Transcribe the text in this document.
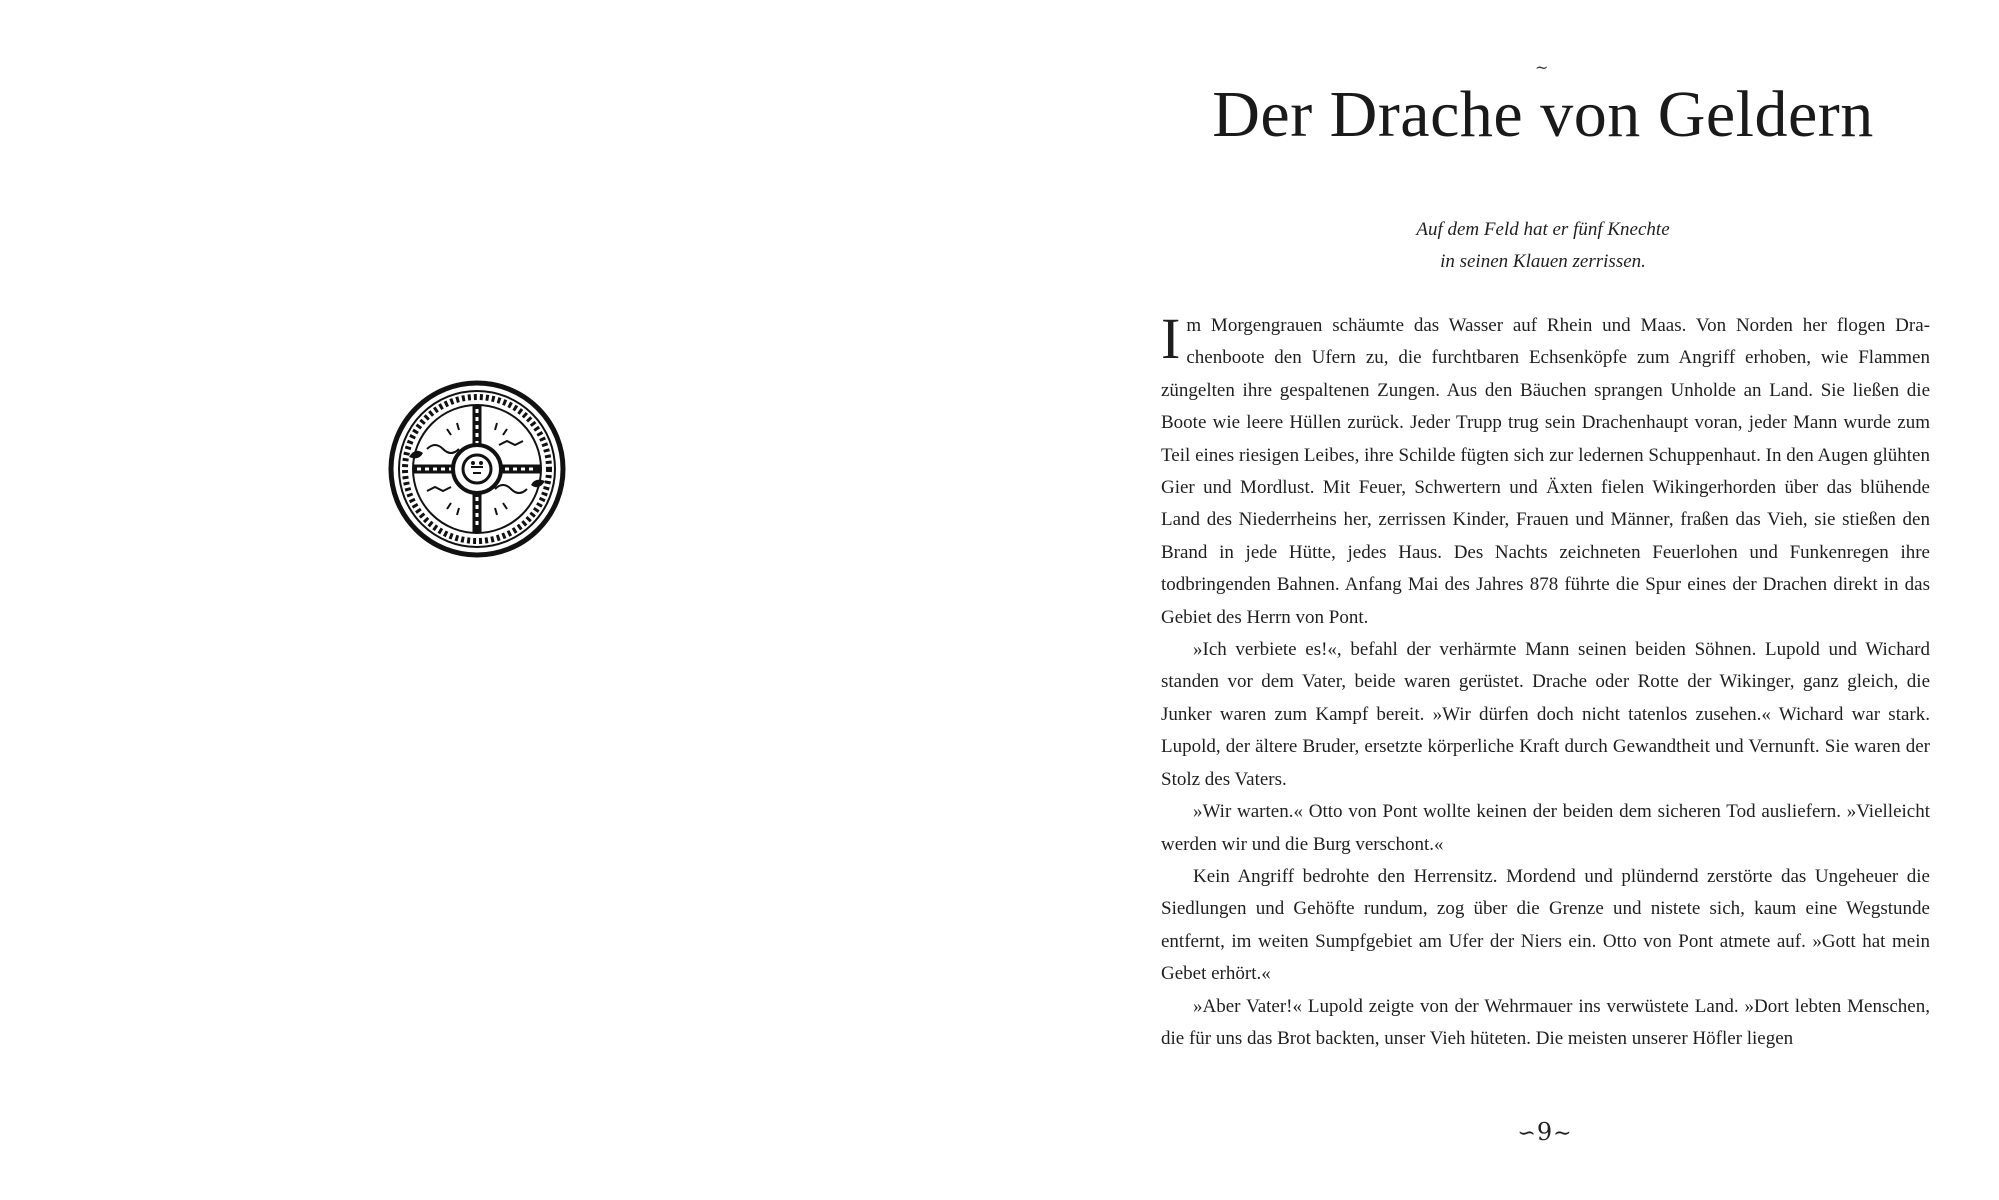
~
Der Drache von Geldern
Auf dem Feld hat er fünf Knechte
in seinen Klauen zerrissen.

Im Morgengrauen schäumte das Wasser auf Rhein und Maas. Von Norden her flogen Drachenboote den Ufern zu, die furchtbaren Echsenköpfe zum Angriff erhoben, wie Flammen züngelten ihre gespaltenen Zungen. Aus den Bäuchen sprangen Unholde an Land. Sie ließen die Boote wie leere Hüllen zurück. Jeder Trupp trug sein Drachenhaupt voran, jeder Mann wurde zum Teil eines riesigen Leibes, ihre Schilde fügten sich zur ledernen Schuppenhaut. In den Augen glühten Gier und Mordlust. Mit Feuer, Schwertern und Äxten fielen Wikingerhorden über das blühende Land des Niederrheins her, zerrissen Kinder, Frauen und Männer, fraßen das Vieh, sie stießen den Brand in jede Hütte, jedes Haus. Des Nachts zeichneten Feuerlohen und Funkenregen ihre todbringenden Bahnen. Anfang Mai des Jahres 878 führte die Spur eines der Drachen direkt in das Gebiet des Herrn von Pont.

»Ich verbiete es!«, befahl der verhärmte Mann seinen beiden Söhnen. Lupold und Wichard standen vor dem Vater, beide waren gerüstet. Drache oder Rotte der Wikinger, ganz gleich, die Junker waren zum Kampf bereit. »Wir dürfen doch nicht tatenlos zusehen.« Wichard war stark. Lupold, der ältere Bruder, ersetzte körperliche Kraft durch Gewandtheit und Vernunft. Sie waren der Stolz des Vaters.

»Wir warten.« Otto von Pont wollte keinen der beiden dem sicheren Tod ausliefern. »Vielleicht werden wir und die Burg verschont.«

Kein Angriff bedrohte den Herrensitz. Mordend und plündernd zerstörte das Ungeheuer die Siedlungen und Gehöfte rundum, zog über die Grenze und nistete sich, kaum eine Wegstunde entfernt, im weiten Sumpfgebiet am Ufer der Niers ein. Otto von Pont atmete auf. »Gott hat mein Gebet erhört.«

»Aber Vater!« Lupold zeigte von der Wehrmauer ins verwüstete Land. »Dort lebten Menschen, die für uns das Brot backten, unser Vieh hüteten. Die meisten unserer Höfler liegen

∽9∼
